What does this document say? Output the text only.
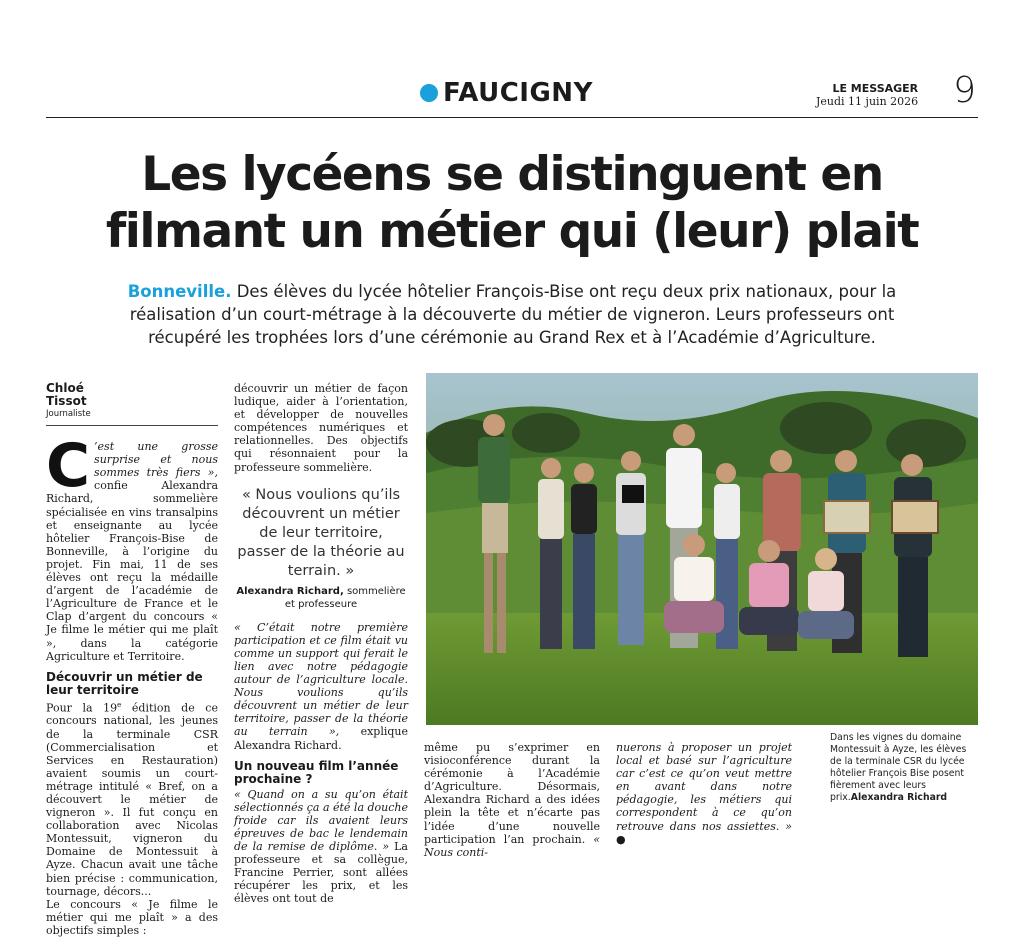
FAUCIGNY	LE MESSAGER
Jeudi 11 juin 2026 9
Les lycéens se distinguent en
filmant un métier qui (leur) plait

Bonneville. Des élèves du lycée hôtelier François-Bise ont reçu deux prix nationaux, pour la réalisation d’un court-métrage à la découverte du métier de vigneron. Leurs professeurs ont récupéré les trophées lors d’une cérémonie au Grand Rex et à l’Académie d’Agriculture.

Chloé
Tissot
Journaliste

C ’est une grosse surprise et nous sommes très fiers », confie Alexandra Richard, sommelière spécialisée en vins transalpins et enseignante au lycée hôtelier François-Bise de Bonneville, à l’origine du projet. Fin mai, 11 de ses élèves ont reçu la médaille d’argent de l’académie de l’Agriculture de France et le Clap d’argent du concours « Je filme le métier qui me plaît », dans la catégorie Agriculture et Territoire.

Découvrir un métier de leur territoire

Pour la 19e édition de ce concours national, les jeunes de la terminale CSR (Commercialisation et Services en Restauration) avaient soumis un court-métrage intitulé « Bref, on a découvert le métier de vigneron ». Il fut conçu en collaboration avec Nicolas Montessuit, vigneron du Domaine de Montessuit à Ayze. Chacun avait une tâche bien précise : communication, tournage, décors...

Le concours « Je filme le métier qui me plaît » a des objectifs simples :

découvrir un métier de façon ludique, aider à l’orientation, et développer de nouvelles compétences numériques et relationnelles. Des objectifs qui résonnaient pour la professeure sommelière.

« Nous voulions qu’ils découvrent un métier de leur territoire, passer de la théorie au terrain. »
Alexandra Richard, sommelière et professeure

« C’était notre première participation et ce film était vu comme un support qui ferait le lien avec notre pédagogie autour de l’agriculture locale. Nous voulions qu’ils découvrent un métier de leur territoire, passer de la théorie au terrain », explique Alexandra Richard.

Un nouveau film l’année prochaine ?

« Quand on a su qu’on était sélectionnés ça a été la douche froide car ils avaient leurs épreuves de bac le lendemain de la remise de diplôme. » La professeure et sa collègue, Francine Perrier, sont allées récupérer les prix, et les élèves ont tout de

Dans les vignes du domaine Montessuit à Ayze, les élèves de la terminale CSR du lycée hôtelier François Bise posent fièrement avec leurs prix.Alexandra Richard

même pu s’exprimer en visioconférence durant la cérémonie à l’Académie d’Agriculture. Désormais, Alexandra Richard a des idées plein la tête et n’écarte pas l’idée d’une nouvelle participation l’an prochain. « Nous conti-

nuerons à proposer un projet local et basé sur l’agriculture car c’est ce qu’on veut mettre en avant dans notre pédagogie, les métiers qui correspondent à ce qu’on retrouve dans nos assiettes. » ●
